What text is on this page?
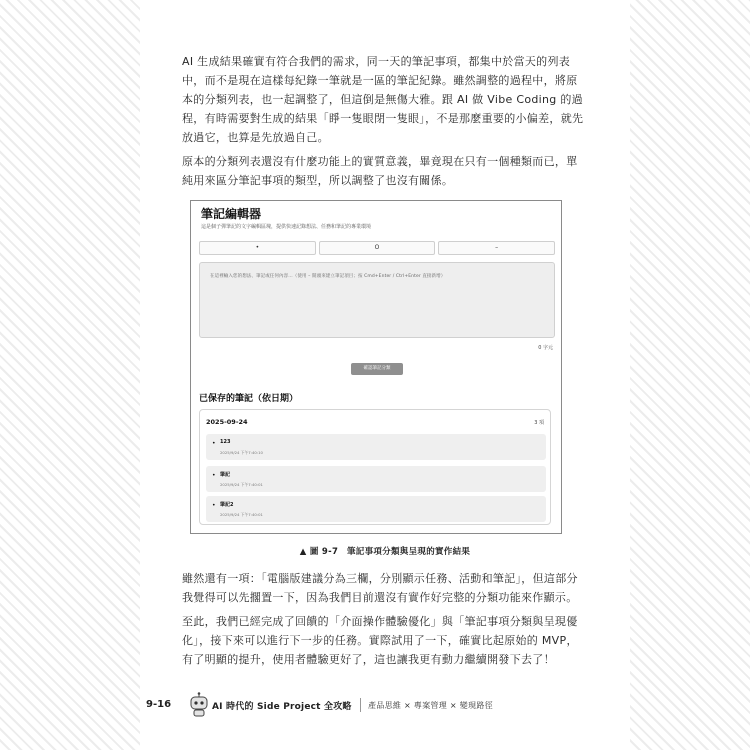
AI 生成結果確實有符合我們的需求，同一天的筆記事項，都集中於當天的列表中，而不是現在這樣每紀錄一筆就是一區的筆記紀錄。雖然調整的過程中，將原本的分類列表，也一起調整了，但這倒是無傷大雅。跟 AI 做 Vibe Coding 的過程，有時需要對生成的結果「睜一隻眼閉一隻眼」，不是那麼重要的小偏差，就先放過它，也算是先放過自己。

原本的分類列表還沒有什麼功能上的實質意義，畢竟現在只有一個種類而已，單純用來區分筆記事項的類型，所以調整了也沒有關係。

筆記編輯器
這是個子彈筆記的文字編輯區塊，提供快速記錄想法、任務和筆記的專業環境
•	O	–
在這裡輸入您的想法、筆記或任何內容...（使用 – 開頭來建立筆記項目；按 Cmd+Enter / Ctrl+Enter 直接新增）
0 字元
確認筆記分類
已保存的筆記（依日期）
2025-09-24	3 項
• 123
2025/9/24 下午7:40:10
• 筆記
2025/9/24 下午7:40:01
• 筆記2
2025/9/24 下午7:40:01
▲ 圖 9-7　筆記事項分類與呈現的實作結果

雖然還有一項：「電腦版建議分為三欄，分別顯示任務、活動和筆記」，但這部分我覺得可以先擱置一下，因為我們目前還沒有實作好完整的分類功能來作顯示。

至此，我們已經完成了回饋的「介面操作體驗優化」與「筆記事項分類與呈現優化」，接下來可以進行下一步的任務。實際試用了一下，確實比起原始的 MVP，有了明顯的提升，使用者體驗更好了，這也讓我更有動力繼續開發下去了！

9-16	AI 時代的 Side Project 全攻略 產品思維 × 專案管理 × 變現路徑
